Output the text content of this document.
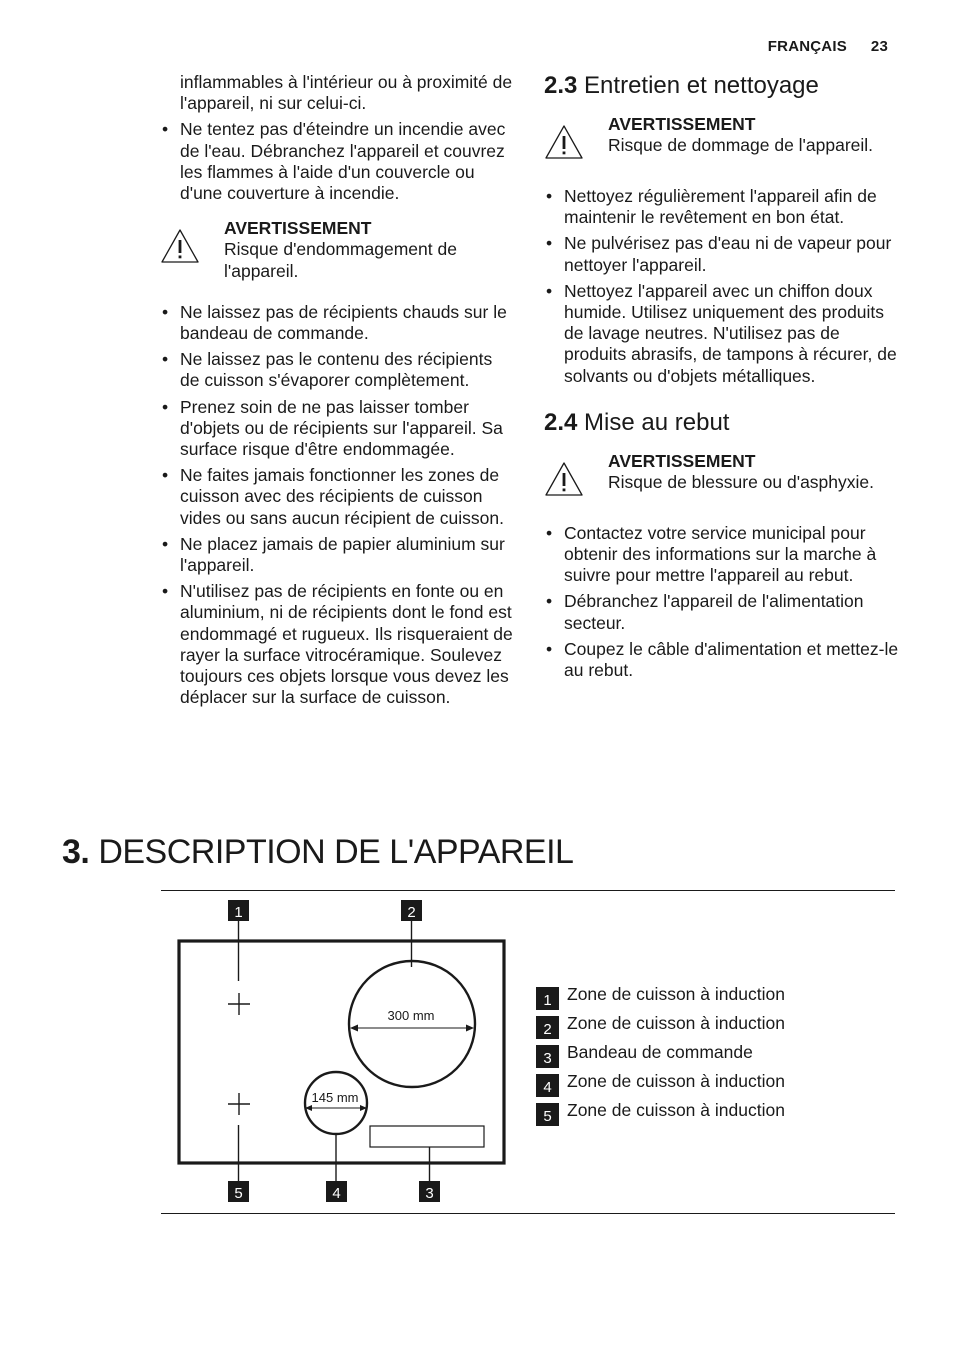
FRANÇAIS 23
inflammables à l'intérieur ou à proximité de l'appareil, ni sur celui-ci.
• Ne tentez pas d'éteindre un incendie avec de l'eau. Débranchez l'appareil et couvrez les flammes à l'aide d'un couvercle ou d'une couverture à incendie.
AVERTISSEMENT
Risque d'endommagement de l'appareil.
• Ne laissez pas de récipients chauds sur le bandeau de commande.
• Ne laissez pas le contenu des récipients de cuisson s'évaporer complètement.
• Prenez soin de ne pas laisser tomber d'objets ou de récipients sur l'appareil. Sa surface risque d'être endommagée.
• Ne faites jamais fonctionner les zones de cuisson avec des récipients de cuisson vides ou sans aucun récipient de cuisson.
• Ne placez jamais de papier aluminium sur l'appareil.
• N'utilisez pas de récipients en fonte ou en aluminium, ni de récipients dont le fond est endommagé et rugueux. Ils risqueraient de rayer la surface vitrocéramique. Soulevez toujours ces objets lorsque vous devez les déplacer sur la surface de cuisson.
2.3 Entretien et nettoyage
AVERTISSEMENT
Risque de dommage de l'appareil.
• Nettoyez régulièrement l'appareil afin de maintenir le revêtement en bon état.
• Ne pulvérisez pas d'eau ni de vapeur pour nettoyer l'appareil.
• Nettoyez l'appareil avec un chiffon doux humide. Utilisez uniquement des produits de lavage neutres. N'utilisez pas de produits abrasifs, de tampons à récurer, de solvants ou d'objets métalliques.
2.4 Mise au rebut
AVERTISSEMENT
Risque de blessure ou d'asphyxie.
• Contactez votre service municipal pour obtenir des informations sur la marche à suivre pour mettre l'appareil au rebut.
• Débranchez l'appareil de l'alimentation secteur.
• Coupez le câble d'alimentation et mettez-le au rebut.
3. DESCRIPTION DE L'APPAREIL
1	2
300 mm
145 mm
5	4	3
1 Zone de cuisson à induction
2 Zone de cuisson à induction
3 Bandeau de commande
4 Zone de cuisson à induction
5 Zone de cuisson à induction
